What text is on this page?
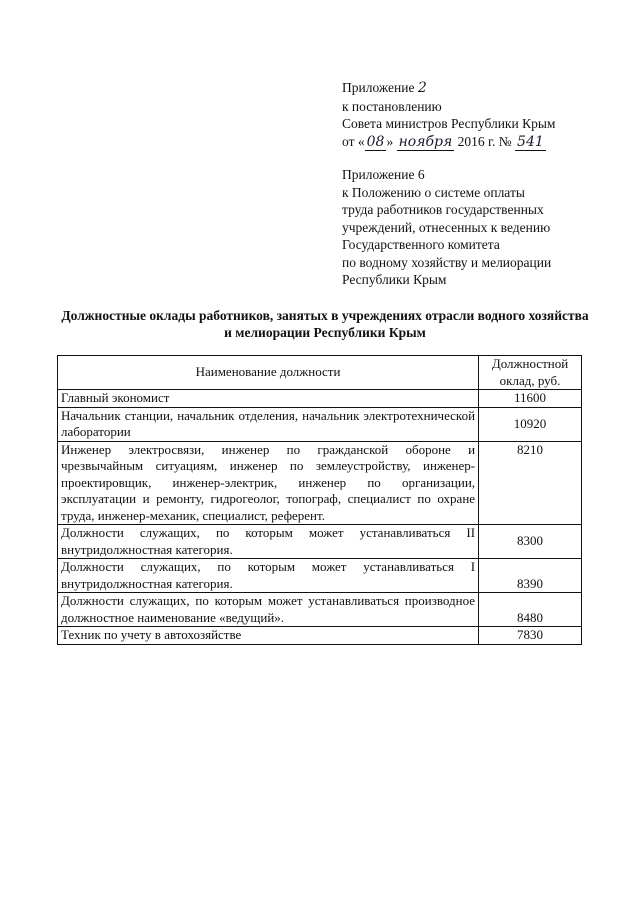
Приложение 2
к постановлению
Совета министров Республики Крым
от « 08 » ноября 2016 г. № 541
Приложение 6
к Положению о системе оплаты
труда работников государственных
учреждений, отнесенных к ведению
Государственного комитета
по водному хозяйству и мелиорации
Республики Крым
Должностные оклады работников, занятых в учреждениях отрасли водного хозяйства и мелиорации Республики Крым
Наименование должности	Должностной оклад, руб.
Главный экономист	11600
Начальник станции, начальник отделения, начальник электротехнической лаборатории	10920
Инженер электросвязи, инженер по гражданской обороне и чрезвычайным ситуациям, инженер по землеустройству, инженер-проектировщик, инженер-электрик, инженер по организации, эксплуатации и ремонту, гидрогеолог, топограф, специалист по охране труда, инженер-механик, специалист, референт.	8210
Должности служащих, по которым может устанавливаться II внутридолжностная категория.	8300
Должности служащих, по которым может устанавливаться I внутридолжностная категория.	8390
Должности служащих, по которым может устанавливаться производное должностное наименование «ведущий».	8480
Техник по учету в автохозяйстве	7830
